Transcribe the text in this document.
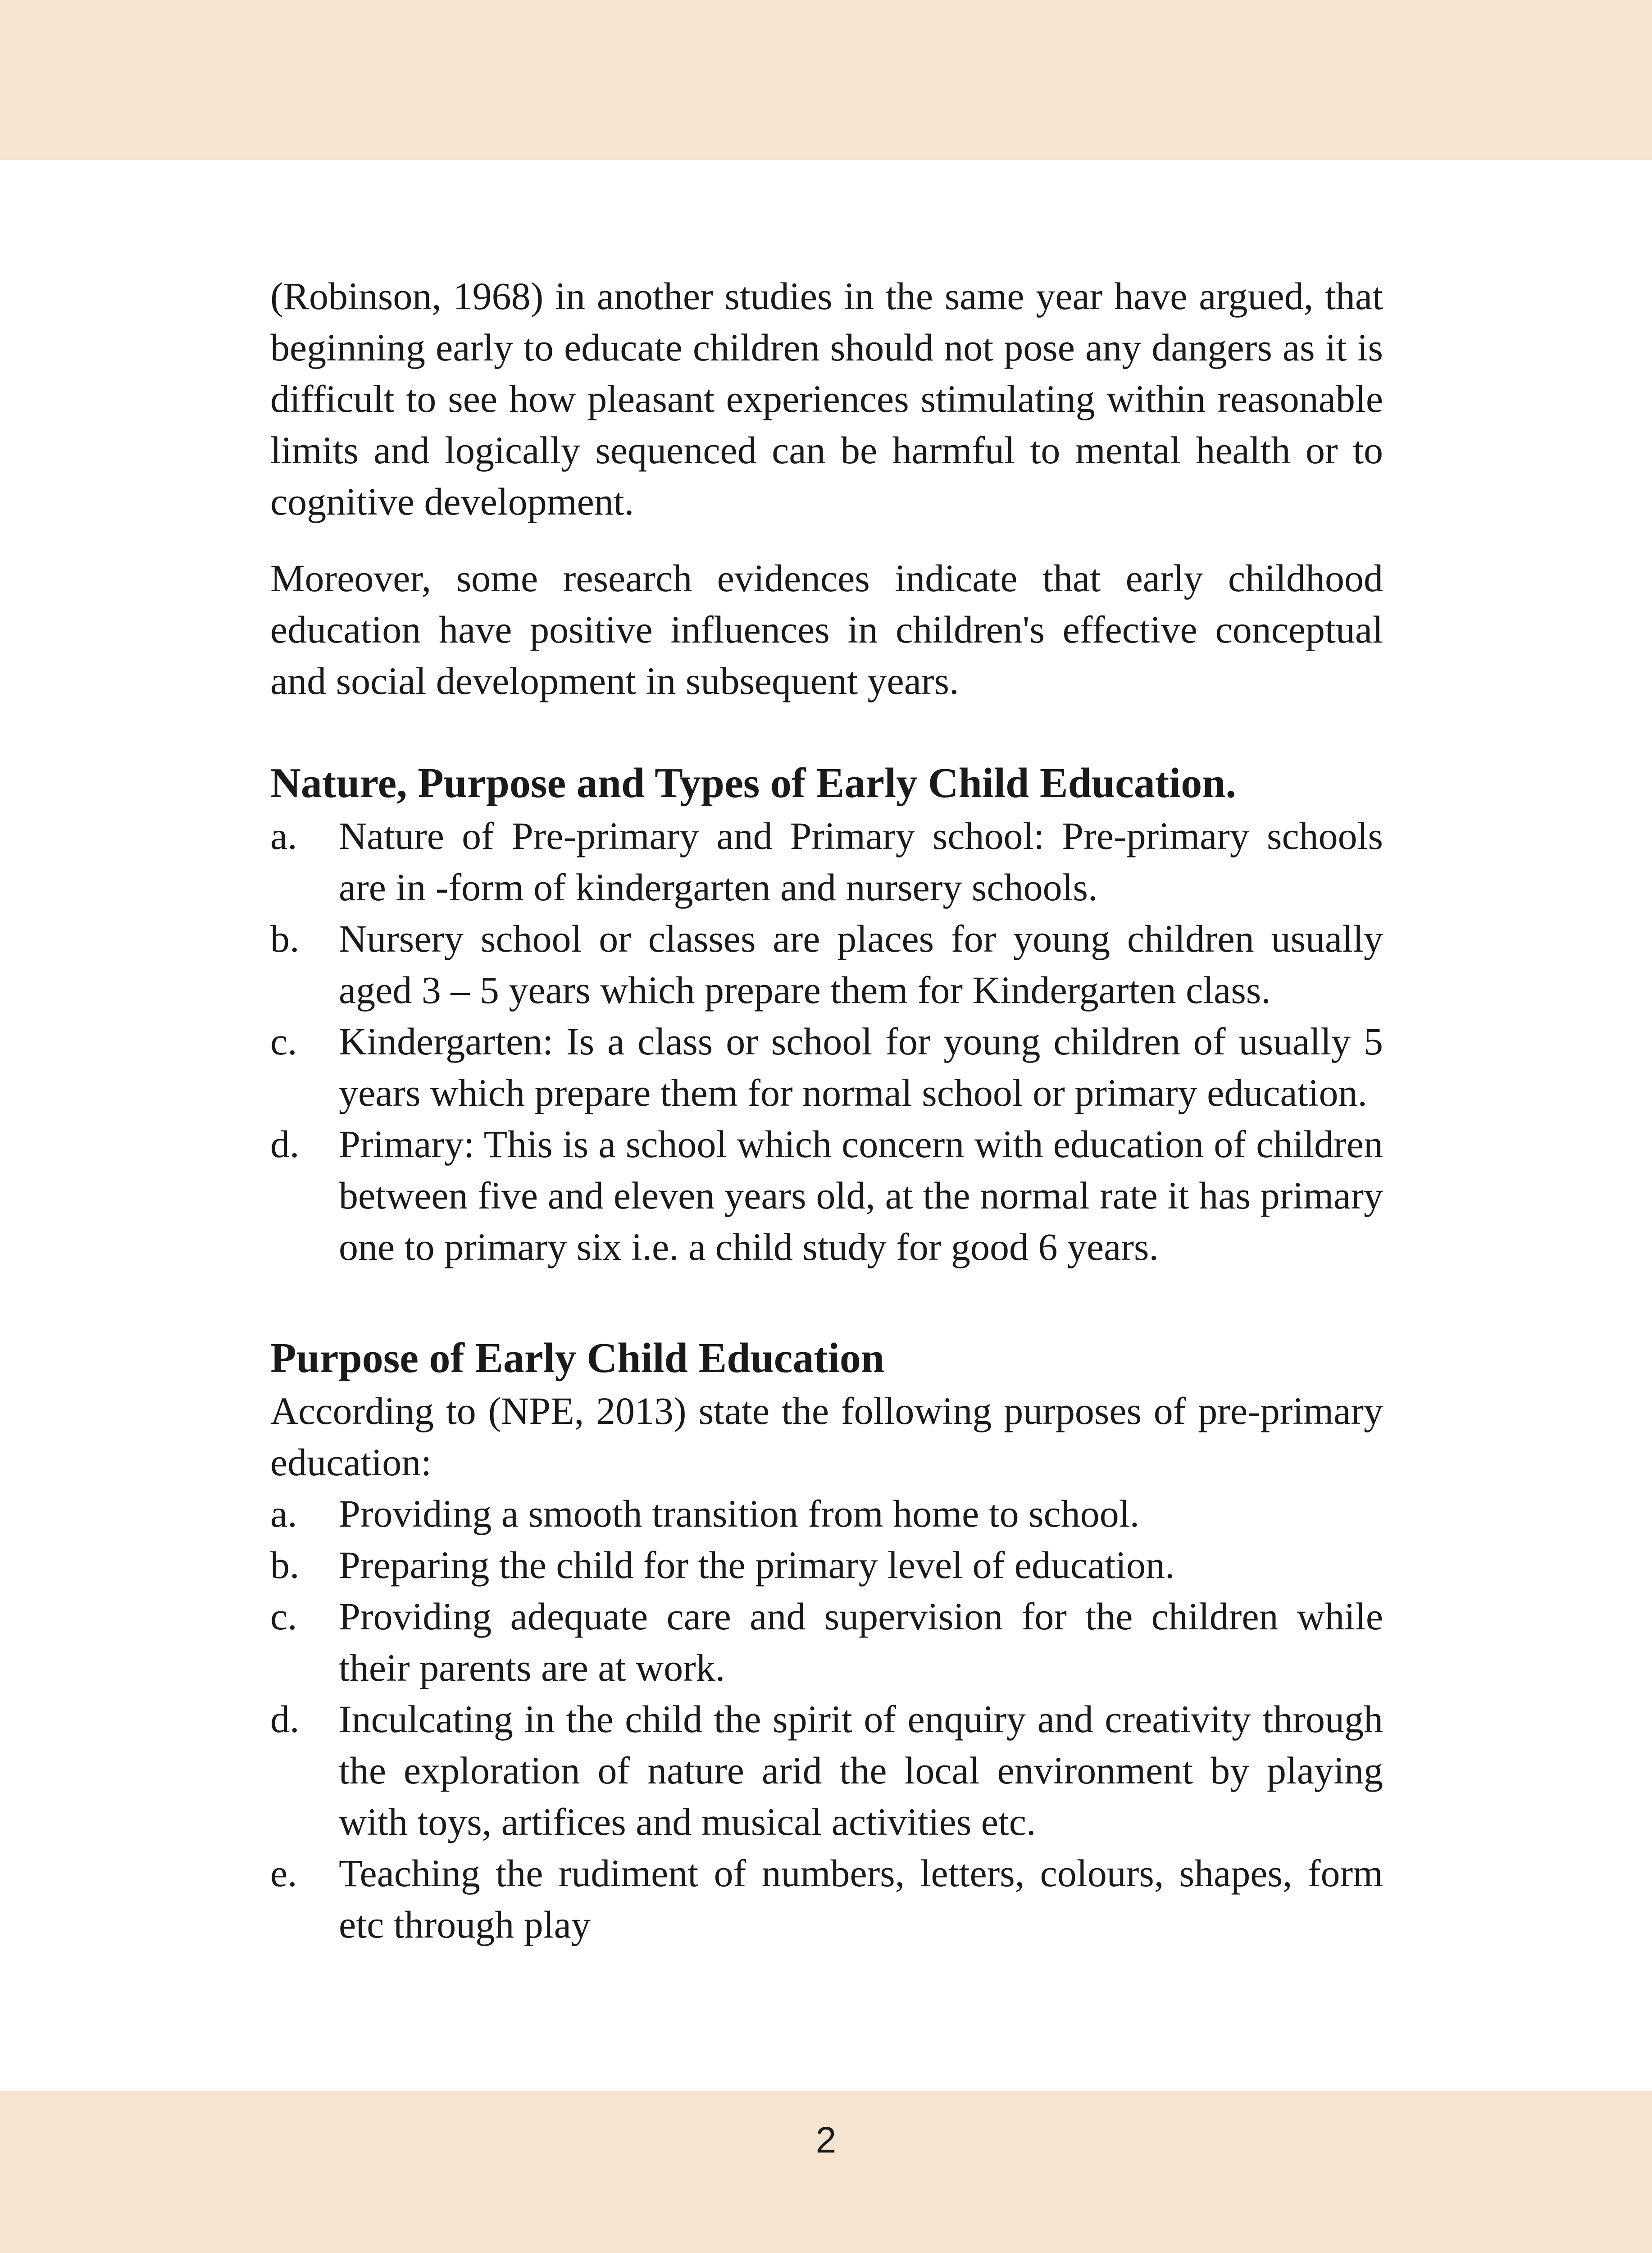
(Robinson, 1968) in another studies in the same year have argued, that beginning early to educate children should not pose any dangers as it is difficult to see how pleasant experiences stimulating within reasonable limits and logically sequenced can be harmful to mental health or to cognitive development.

Moreover, some research evidences indicate that early childhood education have positive influences in children's effective conceptual and social development in subsequent years.

Nature, Purpose and Types of Early Child Education.
a.	Nature of Pre-primary and Primary school: Pre-primary schools are in -form of kindergarten and nursery schools.
b.	Nursery school or classes are places for young children usually aged 3 – 5 years which prepare them for Kindergarten class.
c.	Kindergarten: Is a class or school for young children of usually 5 years which prepare them for normal school or primary education.
d.	Primary: This is a school which concern with education of children between five and eleven years old, at the normal rate it has primary one to primary six i.e. a child study for good 6 years.
Purpose of Early Child Education

According to (NPE, 2013) state the following purposes of pre-primary education:

a.	Providing a smooth transition from home to school.
b.	Preparing the child for the primary level of education.
c.	Providing adequate care and supervision for the children while their parents are at work.
d.	Inculcating in the child the spirit of enquiry and creativity through the exploration of nature arid the local environment by playing with toys, artifices and musical activities etc.
e.	Teaching the rudiment of numbers, letters, colours, shapes, form etc through play
2
